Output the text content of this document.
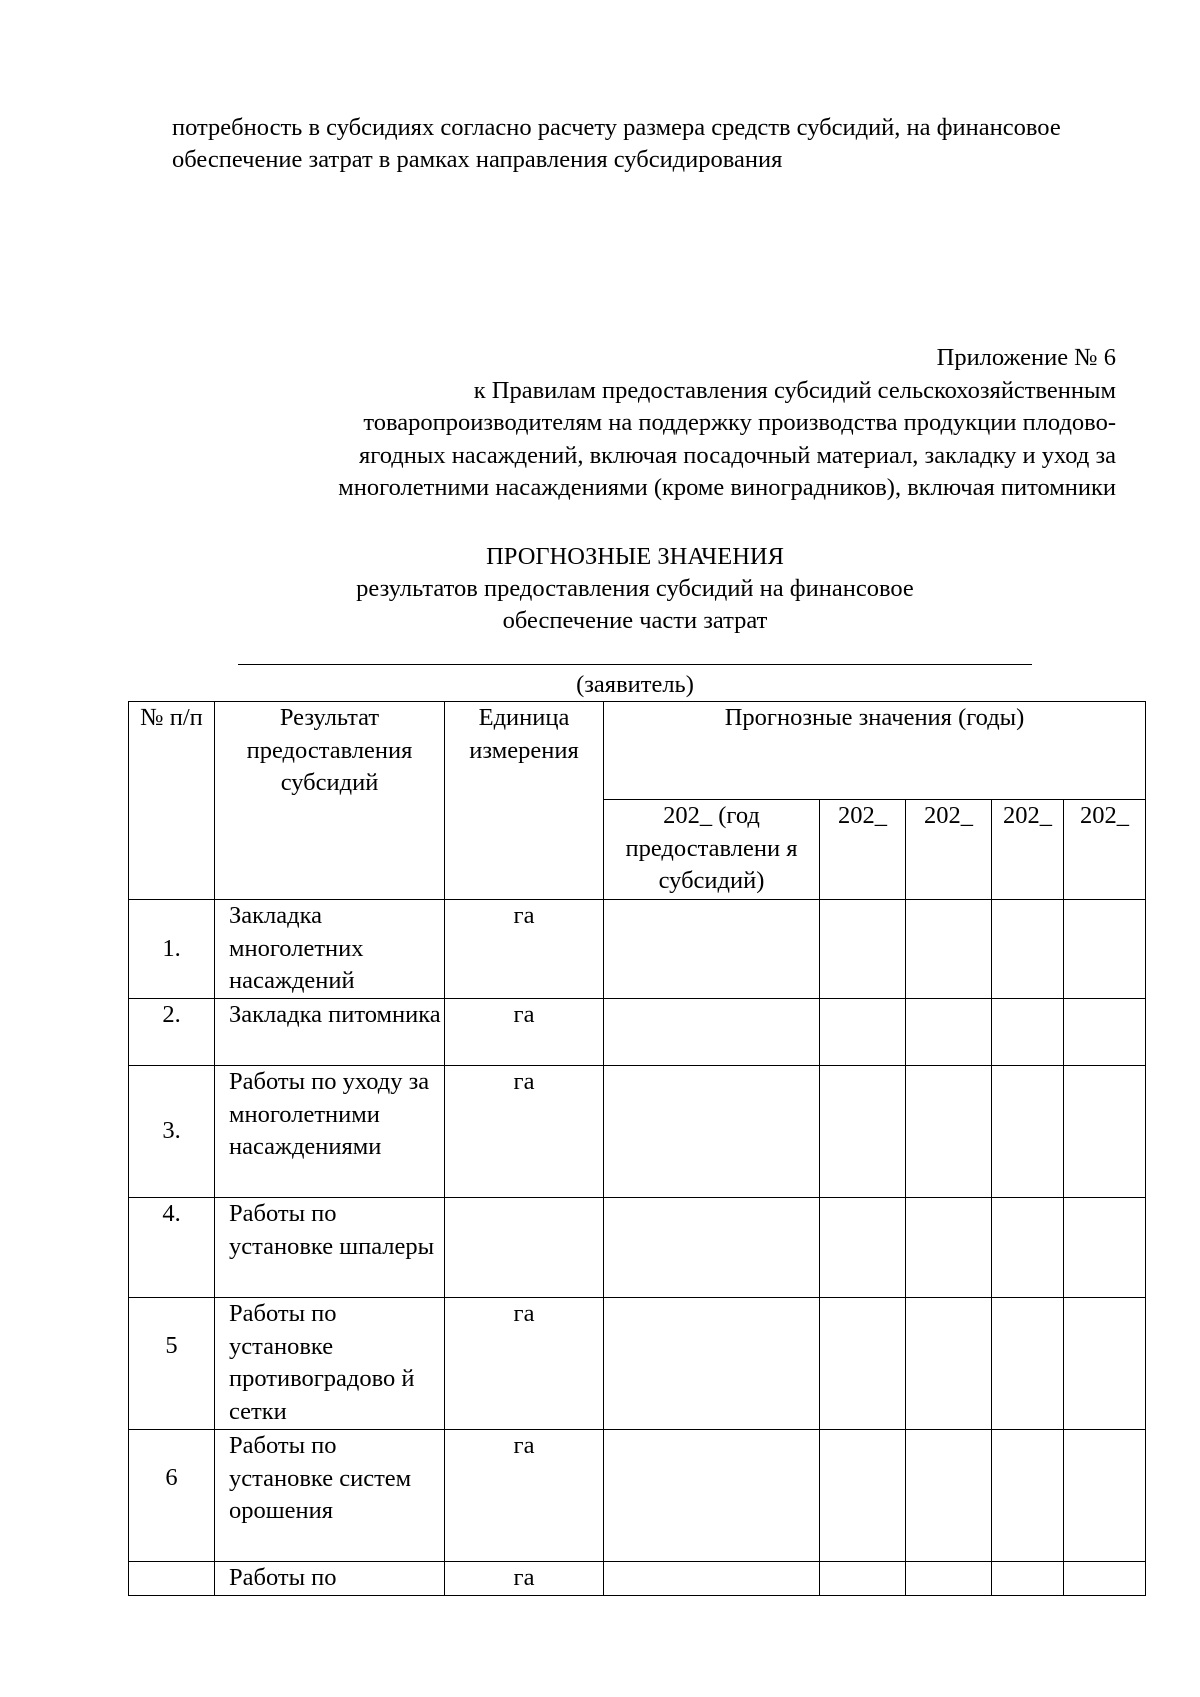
потребность в субсидиях согласно расчету размера средств субсидий, на финансовое обеспечение затрат в рамках направления субсидирования

Приложение № 6
к Правилам предоставления субсидий сельскохозяйственным
товаропроизводителям на поддержку производства продукции плодово-
ягодных насаждений, включая посадочный материал, закладку и уход за
многолетними насаждениями (кроме виноградников), включая питомники
ПРОГНОЗНЫЕ ЗНАЧЕНИЯ
результатов предоставления субсидий на финансовое
обеспечение части затрат
(заявитель)
№ п/п	Результат предоставления субсидий	Единица измерения	Прогнозные значения (годы)				
			202_ (год предоставлени я субсидий)	202_	202_	202_	202_
1.	Закладка многолетних насаждений	га					
2.	Закладка питомника	га					
3.	Работы по уходу за многолетними насаждениями	га					
4.	Работы по установке шпалеры						
5	Работы по установке противоградово й сетки	га					
6	Работы по установке систем орошения	га					
	Работы по	га					
